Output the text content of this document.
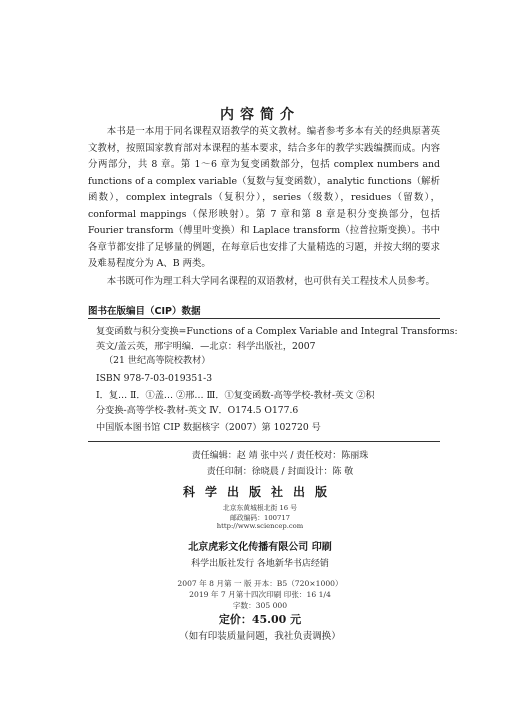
内容简介

本书是一本用于同名课程双语教学的英文教材。编者参考多本有关的经典原著英文教材，按照国家教育部对本课程的基本要求，结合多年的教学实践编撰而成。内容分两部分，共 8 章。第 1～6 章为复变函数部分，包括 complex numbers and functions of a complex variable（复数与复变函数），analytic functions（解析函数），complex integrals（复积分），series（级数），residues（留数），conformal mappings（保形映射）。第 7 章和第 8 章是积分变换部分，包括 Fourier transform（傅里叶变换）和 Laplace transform（拉普拉斯变换）。书中各章节都安排了足够量的例题，在每章后也安排了大量精选的习题，并按大纲的要求及难易程度分为 A、B 两类。

本书既可作为理工科大学同名课程的双语教材，也可供有关工程技术人员参考。

图书在版编目（CIP）数据
复变函数与积分变换=Functions of a Complex Variable and Integral Transforms:
英文/盖云英，邢宇明编．—北京：科学出版社，2007
（21 世纪高等院校教材）
ISBN 978-7-03-019351-3
Ⅰ．复… Ⅱ．①盖… ②邢… Ⅲ．①复变函数-高等学校-教材-英文 ②积
分变换-高等学校-教材-英文 Ⅳ．O174.5 O177.6
中国版本图书馆 CIP 数据核字（2007）第 102720 号
责任编辑：赵 靖 张中兴 / 责任校对：陈丽珠
责任印制：徐晓晨 / 封面设计：陈 敬
科学出版社出版
北京东黄城根北街 16 号
邮政编码：100717
http://www.sciencep.com
北京虎彩文化传播有限公司 印刷
科学出版社发行 各地新华书店经销
2007 年 8 月第 一 版 开本：B5（720×1000）
2019 年 7 月第十四次印刷 印张：16 1/4
字数：305 000
定价：45.00 元
（如有印装质量问题，我社负责调换）
